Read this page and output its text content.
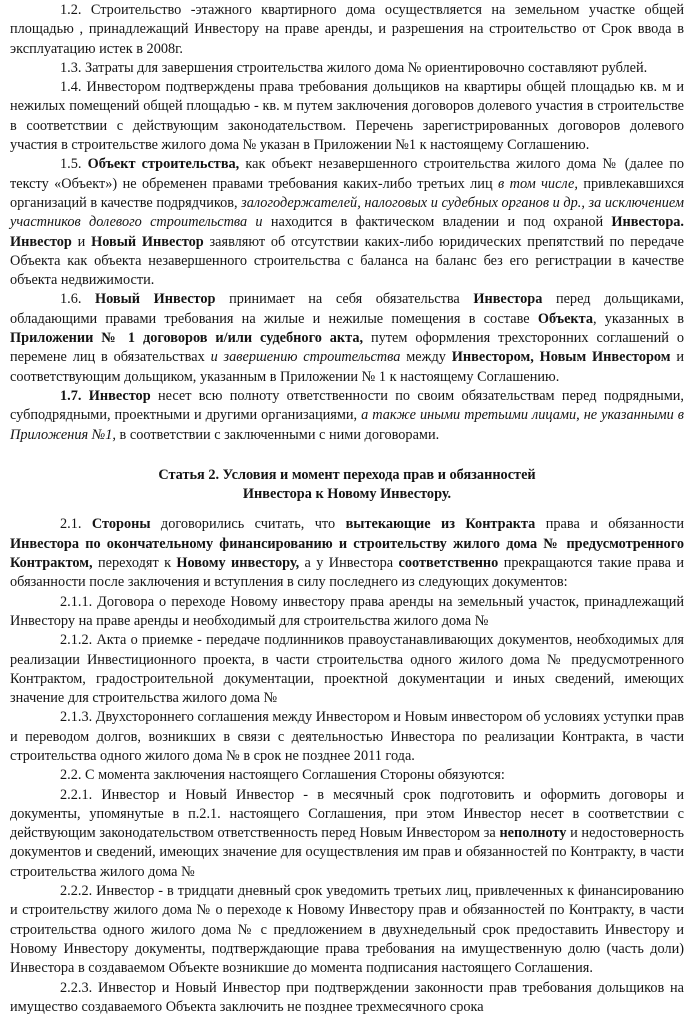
1.2. Строительство -этажного квартирного дома осуществляется на земельном участке общей площадью , принадлежащий Инвестору на праве аренды, и разрешения на строительство от Срок ввода в эксплуатацию истек в 2008г.

1.3. Затраты для завершения строительства жилого дома № ориентировочно составляют рублей.

1.4. Инвестором подтверждены права требования дольщиков на квартиры общей площадью кв. м и нежилых помещений общей площадью - кв. м путем заключения договоров долевого участия в строительстве в соответствии с действующим законодательством. Перечень зарегистрированных договоров долевого участия в строительстве жилого дома № указан в Приложении №1 к настоящему Соглашению.

1.5. Объект строительства, как объект незавершенного строительства жилого дома № (далее по тексту «Объект») не обременен правами требования каких-либо третьих лиц в том числе, привлекавшихся организаций в качестве подрядчиков, залогодержателей, налоговых и судебных органов и др., за исключением участников долевого строительства и находится в фактическом владении и под охраной Инвестора. Инвестор и Новый Инвестор заявляют об отсутствии каких-либо юридических препятствий по передаче Объекта как объекта незавершенного строительства с баланса на баланс без его регистрации в качестве объекта недвижимости.

1.6. Новый Инвестор принимает на себя обязательства Инвестора перед дольщиками, обладающими правами требования на жилые и нежилые помещения в составе Объекта, указанных в Приложении № 1 договоров и/или судебного акта, путем оформления трехсторонних соглашений о перемене лиц в обязательствах и завершению строительства между Инвестором, Новым Инвестором и соответствующим дольщиком, указанным в Приложении № 1 к настоящему Соглашению.

1.7. Инвестор несет всю полноту ответственности по своим обязательствам перед подрядными, субподрядными, проектными и другими организациями, а также иными третьими лицами, не указанными в Приложения №1, в соответствии с заключенными с ними договорами.

Статья 2. Условия и момент перехода прав и обязанностей

Инвестора к Новому Инвестору.

2.1. Стороны договорились считать, что вытекающие из Контракта права и обязанности Инвестора по окончательному финансированию и строительству жилого дома № предусмотренного Контрактом, переходят к Новому инвестору, а у Инвестора соответственно прекращаются такие права и обязанности после заключения и вступления в силу последнего из следующих документов:

2.1.1. Договора о переходе Новому инвестору права аренды на земельный участок, принадлежащий Инвестору на праве аренды и необходимый для строительства жилого дома №

2.1.2. Акта о приемке - передаче подлинников правоустанавливающих документов, необходимых для реализации Инвестиционного проекта, в части строительства одного жилого дома № предусмотренного Контрактом, градостроительной документации, проектной документации и иных сведений, имеющих значение для строительства жилого дома №

2.1.3. Двухстороннего соглашения между Инвестором и Новым инвестором об условиях уступки прав и переводом долгов, возникших в связи с деятельностью Инвестора по реализации Контракта, в части строительства одного жилого дома № в срок не позднее 2011 года.

2.2. С момента заключения настоящего Соглашения Стороны обязуются:

2.2.1. Инвестор и Новый Инвестор - в месячный срок подготовить и оформить договоры и документы, упомянутые в п.2.1. настоящего Соглашения, при этом Инвестор несет в соответствии с действующим законодательством ответственность перед Новым Инвестором за неполноту и недостоверность документов и сведений, имеющих значение для осуществления им прав и обязанностей по Контракту, в части строительства жилого дома №

2.2.2. Инвестор - в тридцати дневный срок уведомить третьих лиц, привлеченных к финансированию и строительству жилого дома № о переходе к Новому Инвестору прав и обязанностей по Контракту, в части строительства одного жилого дома № с предложением в двухнедельный срок предоставить Инвестору и Новому Инвестору документы, подтверждающие права требования на имущественную долю (часть доли) Инвестора в создаваемом Объекте возникшие до момента подписания настоящего Соглашения.

2.2.3. Инвестор и Новый Инвестор при подтверждении законности прав требования дольщиков на имущество создаваемого Объекта заключить не позднее трехмесячного срока
